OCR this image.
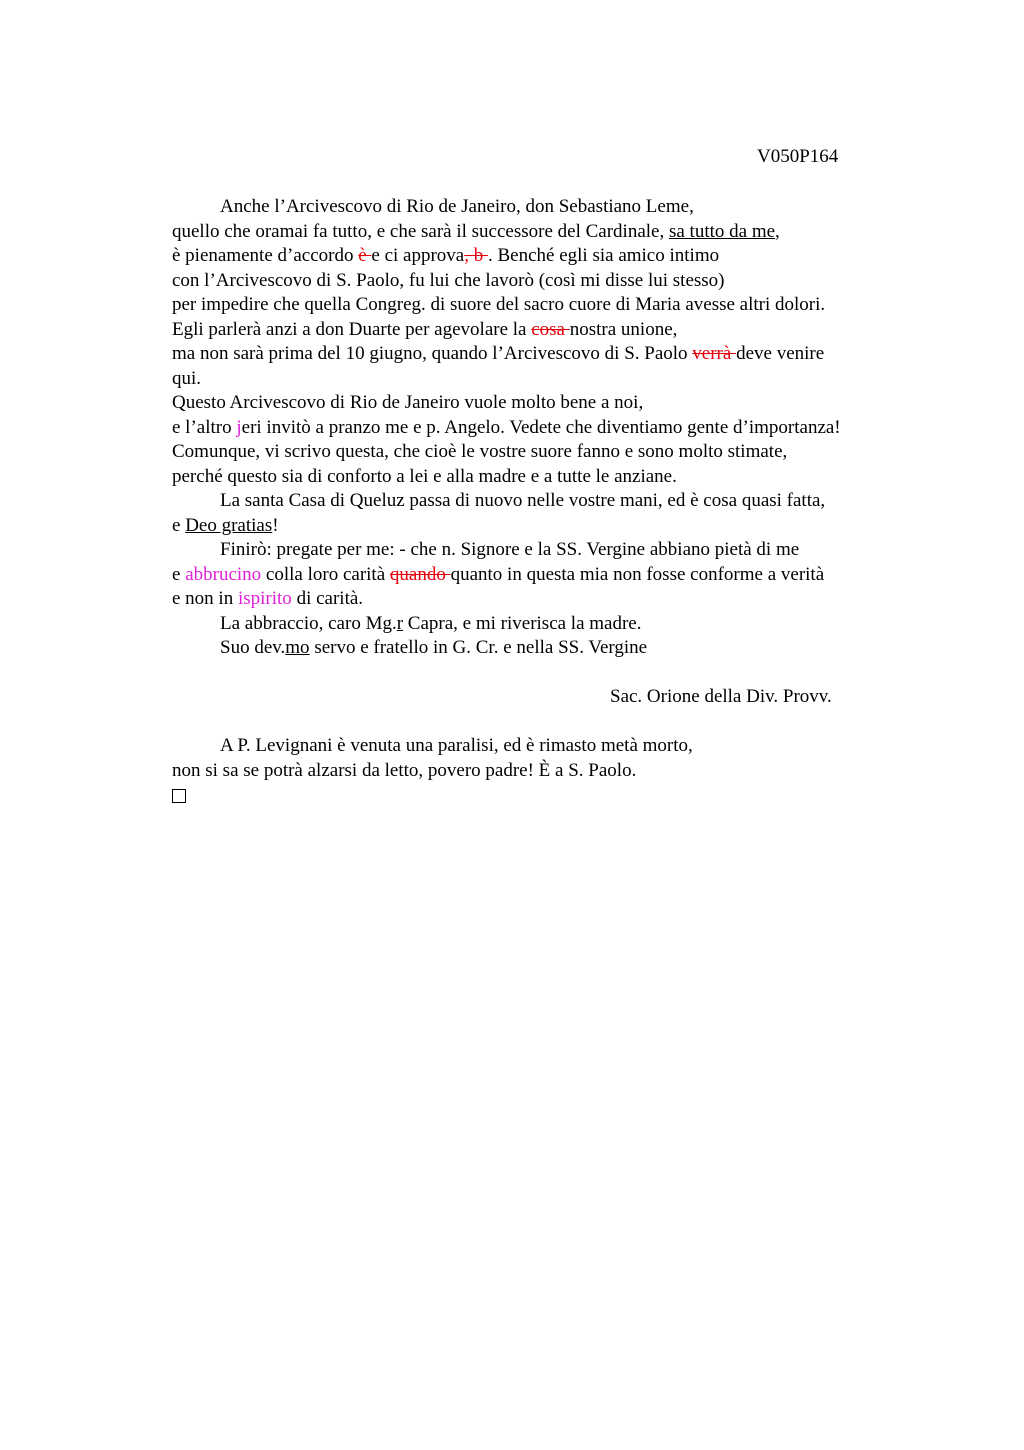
V050P164
Anche l’Arcivescovo di Rio de Janeiro, don Sebastiano Leme,
quello che oramai fa tutto, e che sarà il successore del Cardinale, sa tutto da me,
è pienamente d’accordo è e ci approva, b . Benché egli sia amico intimo
con l’Arcivescovo di S. Paolo, fu lui che lavorò (così mi disse lui stesso)
per impedire che quella Congreg. di suore del sacro cuore di Maria avesse altri dolori.
Egli parlerà anzi a don Duarte per agevolare la cosa nostra unione,
ma non sarà prima del 10 giugno, quando l’Arcivescovo di S. Paolo verrà deve venire
qui.
Questo Arcivescovo di Rio de Janeiro vuole molto bene a noi,
e l’altro jeri invitò a pranzo me e p. Angelo. Vedete che diventiamo gente d’importanza!
Comunque, vi scrivo questa, che cioè le vostre suore fanno e sono molto stimate,
perché questo sia di conforto a lei e alla madre e a tutte le anziane.
La santa Casa di Queluz passa di nuovo nelle vostre mani, ed è cosa quasi fatta,
e Deo gratias!
Finirò: pregate per me: - che n. Signore e la SS. Vergine abbiano pietà di me
e abbrucino colla loro carità quando quanto in questa mia non fosse conforme a verità
e non in ispirito di carità.
La abbraccio, caro Mg.r Capra, e mi riverisca la madre.
Suo dev.mo servo e fratello in G. Cr. e nella SS. Vergine
Sac. Orione della Div. Provv.
A P. Levignani è venuta una paralisi, ed è rimasto metà morto,
non si sa se potrà alzarsi da letto, povero padre! È a S. Paolo.
